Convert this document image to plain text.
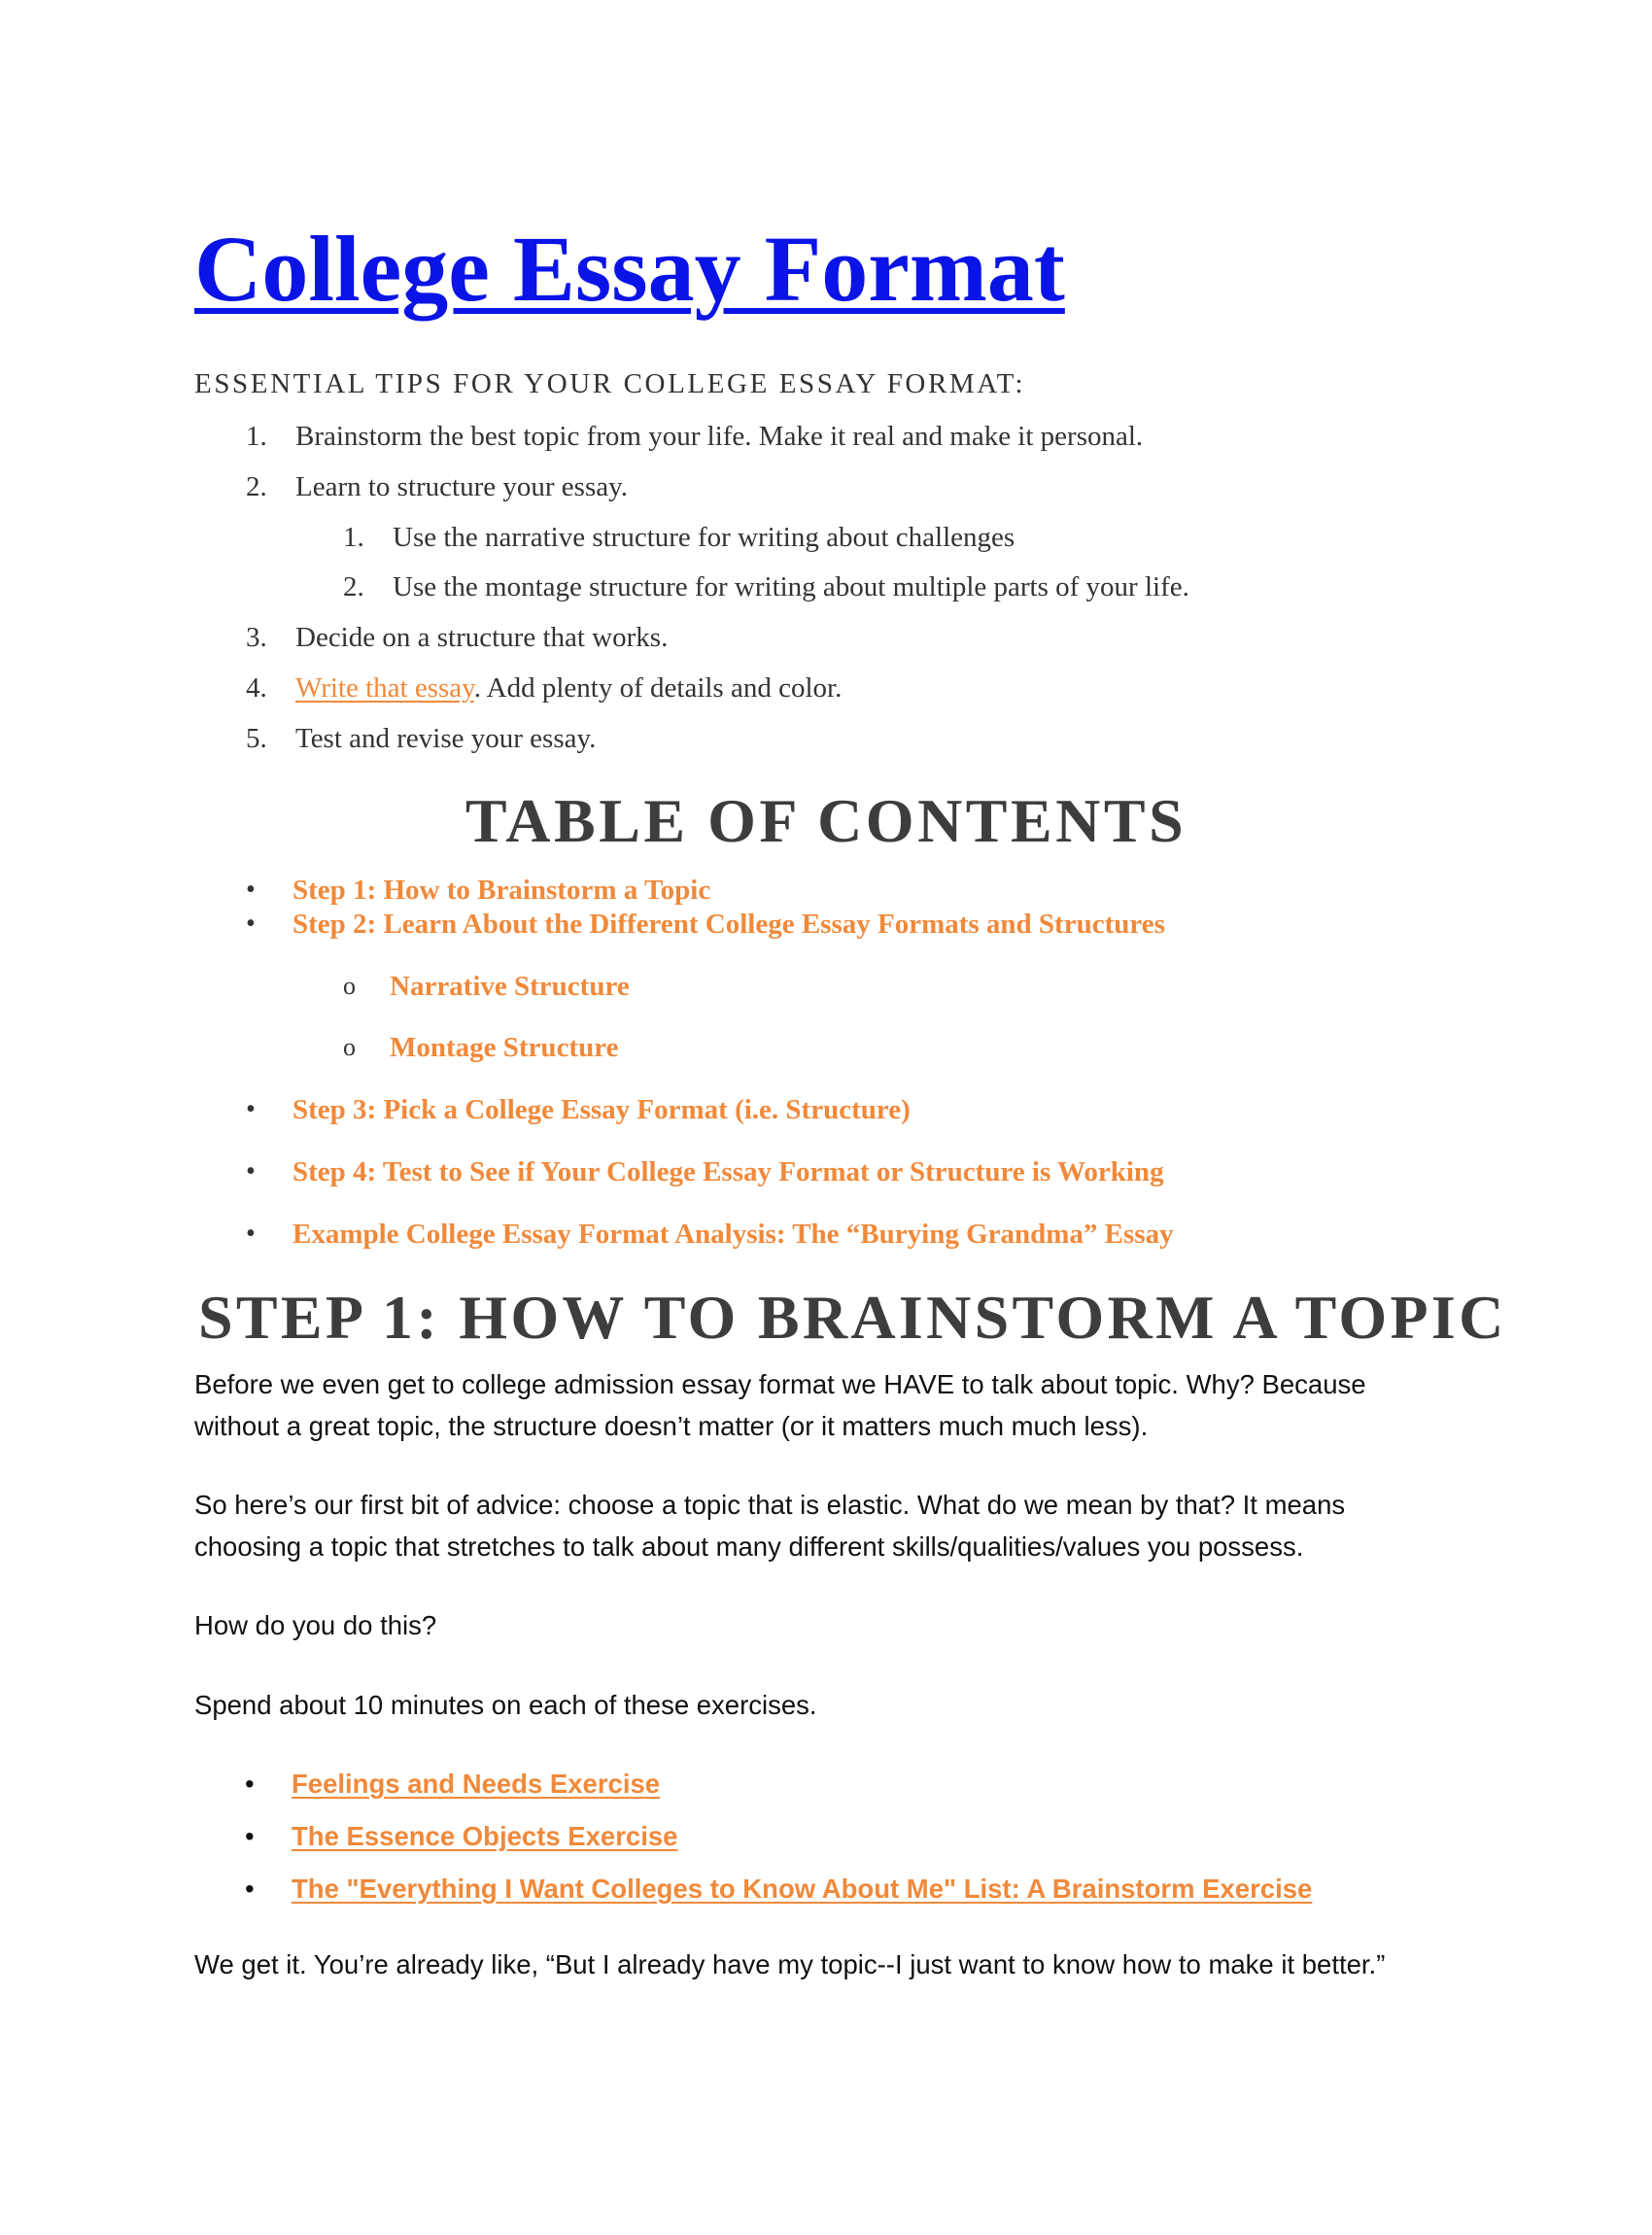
College Essay Format
ESSENTIAL TIPS FOR YOUR COLLEGE ESSAY FORMAT:
1. Brainstorm the best topic from your life. Make it real and make it personal.
2. Learn to structure your essay.
1. Use the narrative structure for writing about challenges
2. Use the montage structure for writing about multiple parts of your life.
3. Decide on a structure that works.
4. Write that essay. Add plenty of details and color.
5. Test and revise your essay.
TABLE OF CONTENTS
• Step 1: How to Brainstorm a Topic
• Step 2: Learn About the Different College Essay Formats and Structures
o Narrative Structure
o Montage Structure
• Step 3: Pick a College Essay Format (i.e. Structure)
• Step 4: Test to See if Your College Essay Format or Structure is Working
• Example College Essay Format Analysis: The “Burying Grandma” Essay
STEP 1: HOW TO BRAINSTORM A TOPIC
Before we even get to college admission essay format we HAVE to talk about topic. Why? Because
without a great topic, the structure doesn’t matter (or it matters much much less).
So here’s our first bit of advice: choose a topic that is elastic. What do we mean by that? It means
choosing a topic that stretches to talk about many different skills/qualities/values you possess.
How do you do this?
Spend about 10 minutes on each of these exercises.
• Feelings and Needs Exercise
• The Essence Objects Exercise
• The "Everything I Want Colleges to Know About Me" List: A Brainstorm Exercise
We get it. You’re already like, “But I already have my topic--I just want to know how to make it better.”
